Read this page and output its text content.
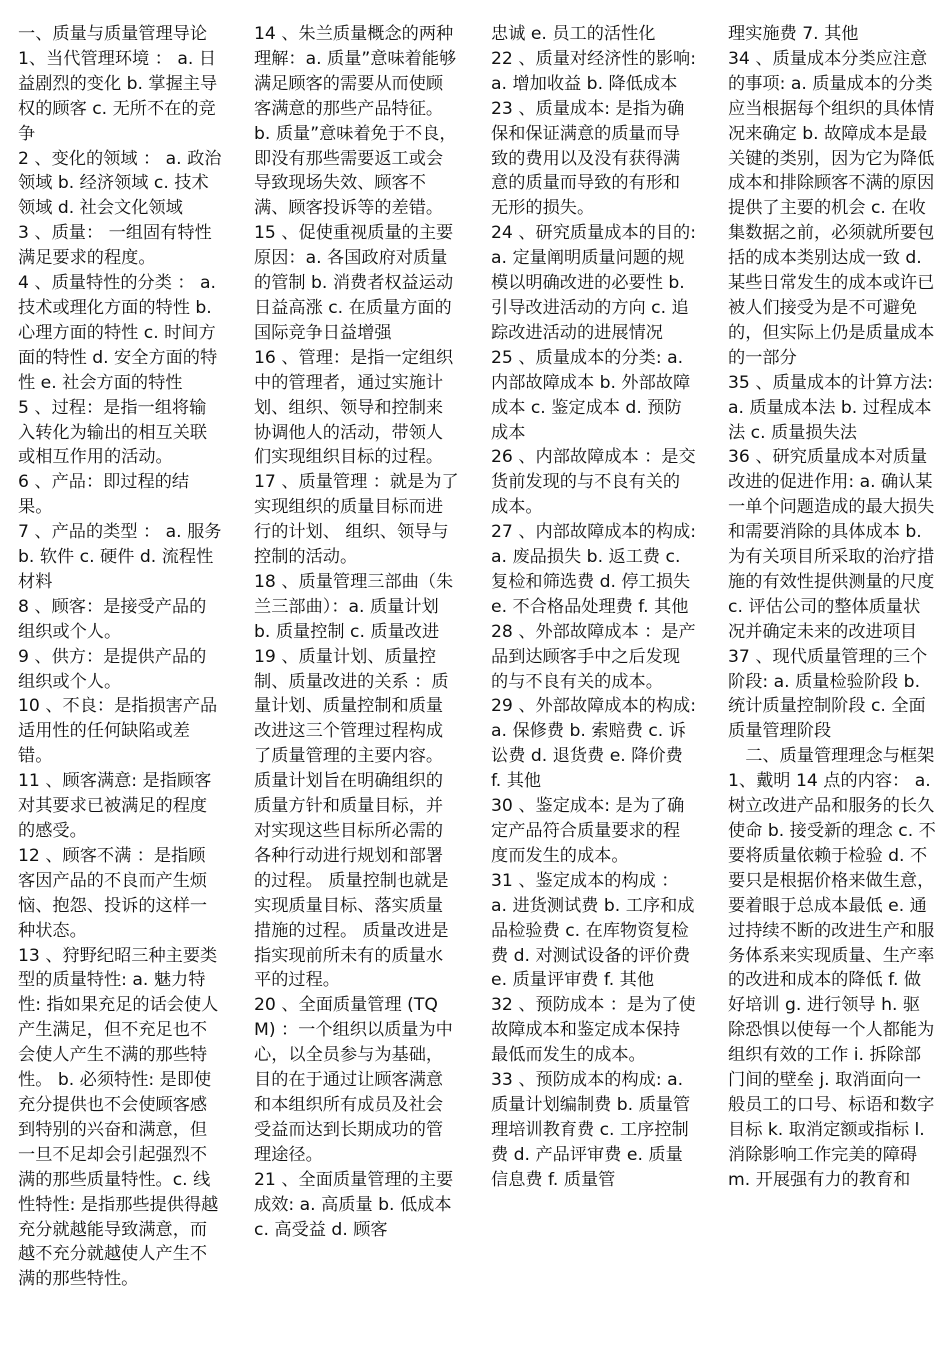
一、质量与质量管理导论

1、当代管理环境 ： a. 日益剧烈的变化 b. 掌握主导权的顾客 c. 无所不在的竞争

2 、变化的领域 ： a. 政治领域 b. 经济领域 c. 技术领域 d. 社会文化领域

3 、质量： 一组固有特性满足要求的程度。

4 、质量特性的分类 ： a. 技术或理化方面的特性 b. 心理方面的特性 c. 时间方面的特性 d. 安全方面的特性 e. 社会方面的特性

5 、过程：是指一组将输入转化为输出的相互关联或相互作用的活动。

6 、产品：即过程的结果。

7 、产品的类型 ： a. 服务 b. 软件 c. 硬件 d. 流程性材料

8 、顾客：是接受产品的组织或个人。

9 、供方：是提供产品的组织或个人。

10 、不良：是指损害产品适用性的任何缺陷或差错。

11 、顾客满意: 是指顾客对其要求已被满足的程度的感受。

12 、顾客不满 ：是指顾客因产品的不良而产生烦恼、抱怨、投诉的这样一种状态。

13 、狩野纪昭三种主要类型的质量特性: a. 魅力特性: 指如果充足的话会使人产生满足，但不充足也不会使人产生不满的那些特性。 b. 必须特性: 是即使充分提供也不会使顾客感到特别的兴奋和满意，但一旦不足却会引起强烈不满的那些质量特性。c. 线性特性: 是指那些提供得越充分就越能导致满意，而越不充分就越使人产生不满的那些特性。

14 、朱兰质量概念的两种理解：a. 质量”意味着能够满足顾客的需要从而使顾客满意的那些产品特征。 b. 质量”意味着免于不良，即没有那些需要返工或会导致现场失效、顾客不满、顾客投诉等的差错。

15 、促使重视质量的主要原因：a. 各国政府对质量的管制 b. 消费者权益运动日益高涨 c. 在质量方面的国际竞争日益增强

16 、管理：是指一定组织中的管理者，通过实施计划、组织、领导和控制来协调他人的活动，带领人们实现组织目标的过程。

17 、质量管理 ：就是为了实现组织的质量目标而进行的计划、 组织、领导与控制的活动。

18 、质量管理三部曲（朱兰三部曲）：a. 质量计划 b. 质量控制 c. 质量改进

19 、质量计划、质量控制、质量改进的关系 ：质量计划、质量控制和质量改进这三个管理过程构成了质量管理的主要内容。质量计划旨在明确组织的质量方针和质量目标，并对实现这些目标所必需的各种行动进行规划和部署的过程。 质量控制也就是实现质量目标、落实质量措施的过程。 质量改进是指实现前所未有的质量水平的过程。

20 、全面质量管理 (TQM) ：一个组织以质量为中心，以全员参与为基础，目的在于通过让顾客满意和本组织所有成员及社会受益而达到长期成功的管理途径。

21 、全面质量管理的主要成效: a. 高质量 b. 低成本 c. 高受益 d. 顾客

忠诚 e. 员工的活性化

22 、质量对经济性的影响: a. 增加收益 b. 降低成本

23 、质量成本: 是指为确保和保证满意的质量而导致的费用以及没有获得满意的质量而导致的有形和无形的损失。

24 、研究质量成本的目的: a. 定量阐明质量问题的规模以明确改进的必要性 b. 引导改进活动的方向 c. 追踪改进活动的进展情况

25 、质量成本的分类: a. 内部故障成本 b. 外部故障成本 c. 鉴定成本 d. 预防成本

26 、内部故障成本 ：是交货前发现的与不良有关的成本。

27 、内部故障成本的构成: a. 废品损失 b. 返工费 c. 复检和筛选费 d. 停工损失 e. 不合格品处理费 f. 其他

28 、外部故障成本 ：是产品到达顾客手中之后发现的与不良有关的成本。

29 、外部故障成本的构成: a. 保修费 b. 索赔费 c. 诉讼费 d. 退货费 e. 降价费 f. 其他

30 、鉴定成本: 是为了确定产品符合质量要求的程度而发生的成本。

31 、鉴定成本的构成 ： a. 进货测试费 b. 工序和成品检验费 c. 在库物资复检费 d. 对测试设备的评价费 e. 质量评审费 f. 其他

32 、预防成本 ：是为了使故障成本和鉴定成本保持最低而发生的成本。

33 、预防成本的构成: a. 质量计划编制费 b. 质量管理培训教育费 c. 工序控制费 d. 产品评审费 e. 质量信息费 f. 质量管

理实施费 7. 其他

34 、质量成本分类应注意的事项: a. 质量成本的分类应当根据每个组织的具体情况来确定 b. 故障成本是最关键的类别，因为它为降低成本和排除顾客不满的原因提供了主要的机会 c. 在收集数据之前，必须就所要包括的成本类别达成一致 d. 某些日常发生的成本或许已被人们接受为是不可避免的，但实际上仍是质量成本的一部分

35 、质量成本的计算方法: a. 质量成本法 b. 过程成本法 c. 质量损失法

36 、研究质量成本对质量改进的促进作用: a. 确认某一单个问题造成的最大损失和需要消除的具体成本 b. 为有关项目所采取的治疗措施的有效性提供测量的尺度 c. 评估公司的整体质量状况并确定未来的改进项目

37 、现代质量管理的三个阶段: a. 质量检验阶段 b. 统计质量控制阶段 c. 全面质量管理阶段

　二、质量管理理念与框架 1、戴明 14 点的内容： a. 树立改进产品和服务的长久使命 b. 接受新的理念 c. 不要将质量依赖于检验 d. 不要只是根据价格来做生意，要着眼于总成本最低 e. 通过持续不断的改进生产和服务体系来实现质量、生产率的改进和成本的降低 f. 做好培训 g. 进行领导 h. 驱除恐惧以使每一个人都能为组织有效的工作 i. 拆除部门间的壁垒 j. 取消面向一般员工的口号、标语和数字目标 k. 取消定额或指标 l. 消除影响工作完美的障碍 m. 开展强有力的教育和
